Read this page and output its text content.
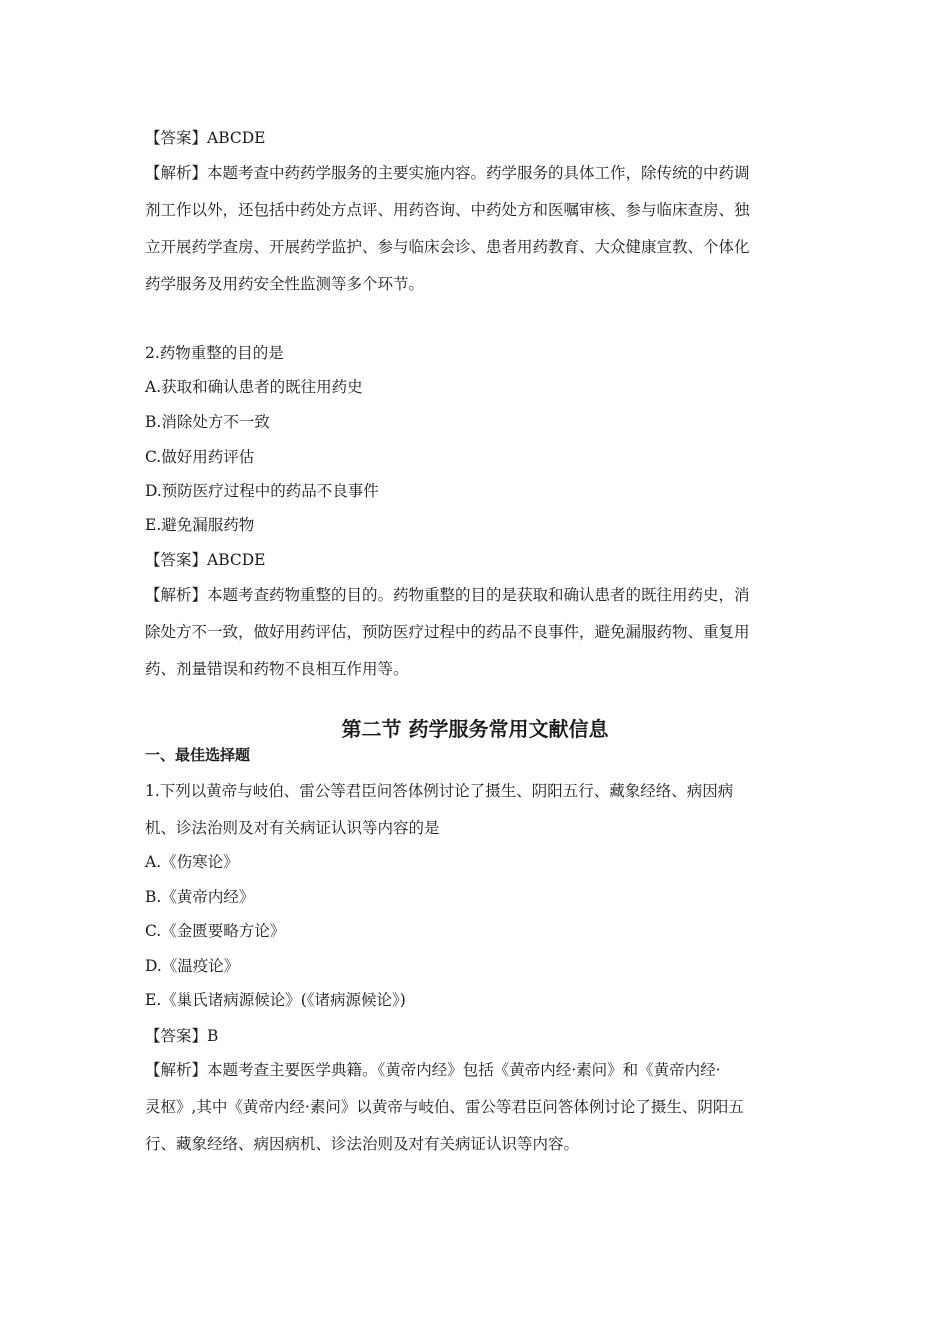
【答案】ABCDE

【解析】本题考查中药药学服务的主要实施内容。药学服务的具体工作，除传统的中药调

剂工作以外，还包括中药处方点评、用药咨询、中药处方和医嘱审核、参与临床查房、独

立开展药学查房、开展药学监护、参与临床会诊、患者用药教育、大众健康宣教、个体化

药学服务及用药安全性监测等多个环节。

2.药物重整的目的是

A.获取和确认患者的既往用药史

B.消除处方不一致

C.做好用药评估

D.预防医疗过程中的药品不良事件

E.避免漏服药物

【答案】ABCDE

【解析】本题考查药物重整的目的。药物重整的目的是获取和确认患者的既往用药史，消

除处方不一致，做好用药评估，预防医疗过程中的药品不良事件，避免漏服药物、重复用

药、剂量错误和药物不良相互作用等。

第二节 药学服务常用文献信息
一、最佳选择题

1.下列以黄帝与岐伯、雷公等君臣问答体例讨论了摄生、阴阳五行、藏象经络、病因病

机、诊法治则及对有关病证认识等内容的是

A.《伤寒论》

B.《黄帝内经》

C.《金匮要略方论》

D.《温疫论》

E.《巢氏诸病源候论》(《诸病源候论》)

【答案】B

【解析】本题考查主要医学典籍。《黄帝内经》包括《黄帝内经·素问》和《黄帝内经·

灵枢》,其中《黄帝内经·素问》以黄帝与岐伯、雷公等君臣问答体例讨论了摄生、阴阳五

行、藏象经络、病因病机、诊法治则及对有关病证认识等内容。
